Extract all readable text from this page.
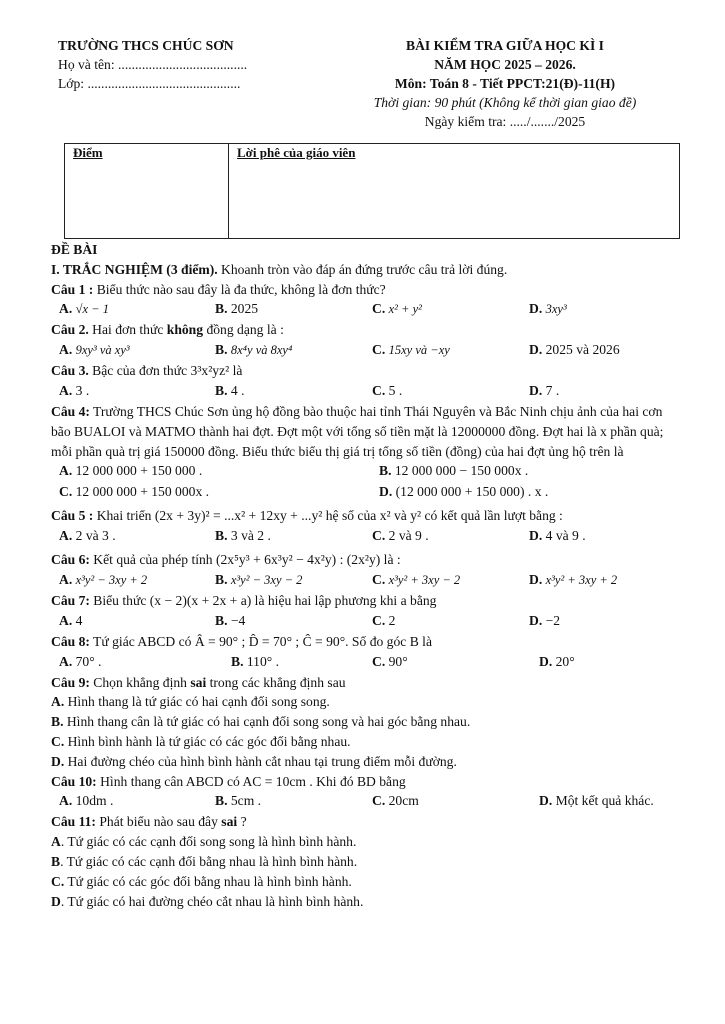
TRƯỜNG THCS CHÚC SƠN
Họ và tên: ......................................
Lớp: .............................................
BÀI KIỂM TRA GIỮA HỌC KÌ I
NĂM HỌC 2025 – 2026.
Môn: Toán 8 - Tiết PPCT:21(Đ)-11(H)
Thời gian: 90 phút (Không kể thời gian giao đề)
Ngày kiểm tra: ...../......./2025
Điểm	Lời phê của giáo viên
ĐỀ BÀI
I. TRẮC NGHIỆM (3 điểm). Khoanh tròn vào đáp án đứng trước câu trả lời đúng.
Câu 1 : Biểu thức nào sau đây là đa thức, không là đơn thức?
A. √x − 1	B. 2025	C. x² + y²	D. 3xy³
Câu 2. Hai đơn thức không đồng dạng là :
A. 9xy³ và xy³	B. 8x⁴y và 8xy⁴	C. 15xy và −xy	D. 2025 và 2026
Câu 3. Bậc của đơn thức 3³x²yz² là
A. 3 .	B. 4 .	C. 5 .	D. 7 .
Câu 4: Trường THCS Chúc Sơn ủng hộ đồng bào thuộc hai tỉnh Thái Nguyên và Bắc Ninh chịu ảnh của hai cơn bão BUALOI và MATMO thành hai đợt. Đợt một với tổng số tiền mặt là 12000000 đồng. Đợt hai là x phần quà; mỗi phần quà trị giá 150000 đồng. Biểu thức biểu thị giá trị tổng số tiền (đồng) của hai đợt ủng hộ trên là
A. 12 000 000 + 150 000 .	B. 12 000 000 − 150 000x .
C. 12 000 000 + 150 000x .	D. (12 000 000 + 150 000) . x .
Câu 5 : Khai triển (2x + 3y)² = ...x² + 12xy + ...y² hệ số của x² và y² có kết quả lần lượt bằng :
A. 2 và 3 .	B. 3 và 2 .	C. 2 và 9 .	D. 4 và 9 .
Câu 6: Kết quả của phép tính (2x⁵y³ + 6x³y² − 4x²y) : (2x²y) là :
A. x³y² − 3xy + 2	B. x³y² − 3xy − 2	C. x³y² + 3xy − 2	D. x³y² + 3xy + 2
Câu 7: Biểu thức (x − 2)(x + 2x + a) là hiệu hai lập phương khi a bằng
A. 4	B. −4	C. 2	D. −2
Câu 8: Tứ giác ABCD có Â = 90° ; D̂ = 70° ; Ĉ = 90°. Số đo góc B là
A. 70° .	B. 110° .	C. 90°	D. 20°
Câu 9: Chọn khẳng định sai trong các khẳng định sau
A. Hình thang là tứ giác có hai cạnh đối song song.
B. Hình thang cân là tứ giác có hai cạnh đối song song và hai góc bằng nhau.
C. Hình bình hành là tứ giác có các góc đối bằng nhau.
D. Hai đường chéo của hình bình hành cắt nhau tại trung điểm mỗi đường.
Câu 10: Hình thang cân ABCD có AC = 10cm . Khi đó BD bằng
A. 10dm .	B. 5cm .	C. 20cm	D. Một kết quả khác.
Câu 11: Phát biểu nào sau đây sai ?
A. Tứ giác có các cạnh đối song song là hình bình hành.
B. Tứ giác có các cạnh đối bằng nhau là hình bình hành.
C. Tứ giác có các góc đối bằng nhau là hình bình hành.
D. Tứ giác có hai đường chéo cắt nhau là hình bình hành.
